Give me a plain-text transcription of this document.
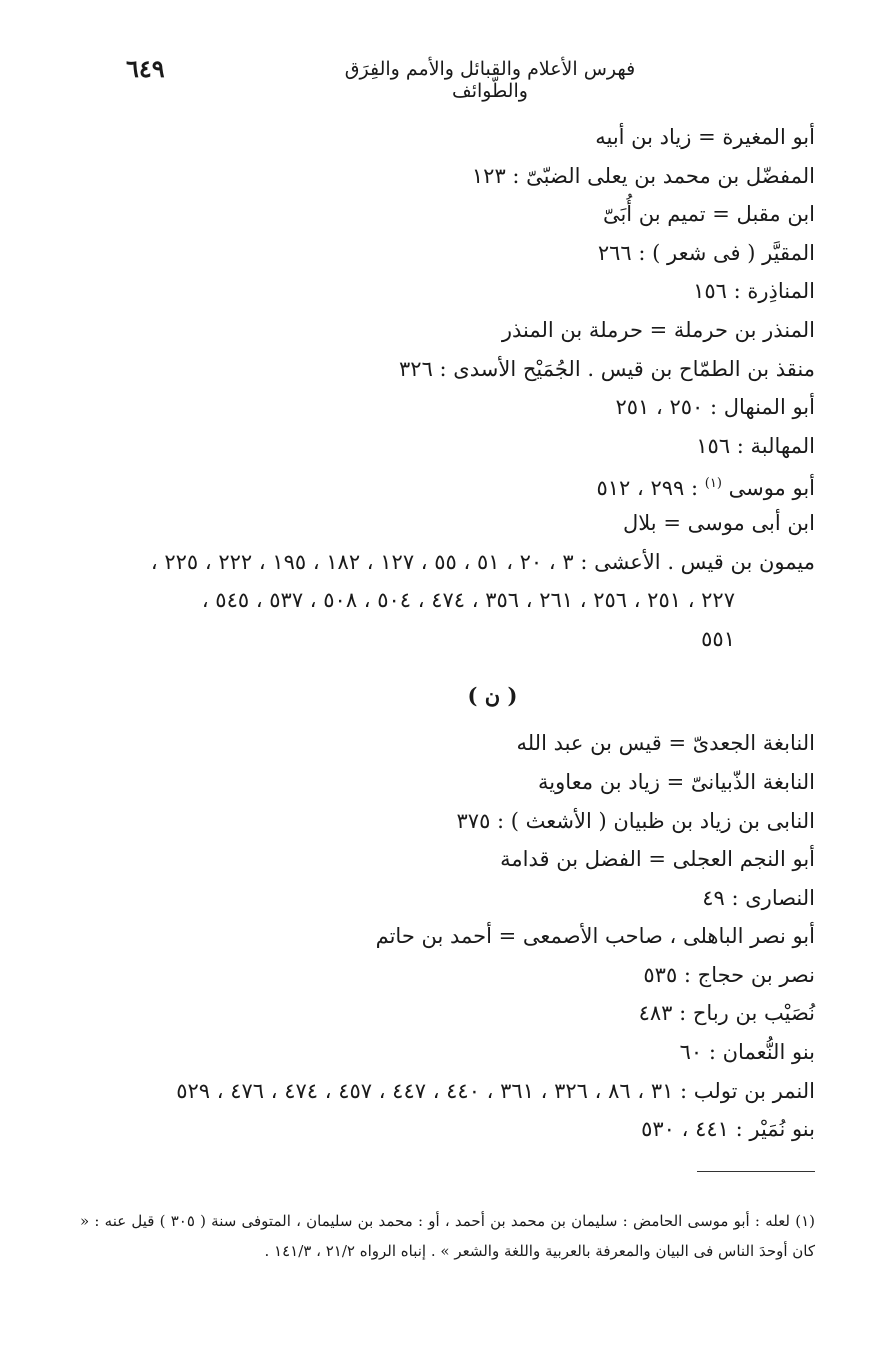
٦٤٩	فهرس الأعلام والقبائل والأمم والفِرَق والطّوائف
أبو المغيرة = زياد بن أبيه
المفضّل بن محمد بن يعلى الضبّىّ : ١٢٣
ابن مقبل = تميم بن أُبَىّ
المقيَّر ( فى شعر ) : ٢٦٦
المناذِرة : ١٥٦
المنذر بن حرملة = حرملة بن المنذر
منقذ بن الطمّاح بن قيس . الجُمَيْح الأسدى : ٣٢٦
أبو المنهال : ٢٥٠ ، ٢٥١
المهالبة : ١٥٦
أبو موسى $^{(١)}$ : ٢٩٩ ، ٥١٢
ابن أبى موسى = بلال
ميمون بن قيس . الأعشى : ٣ ، ٢٠ ، ٥١ ، ٥٥ ، ١٢٧ ، ١٨٢ ، ١٩٥ ، ٢٢٢ ، ٢٢٥ ،
٢٢٧ ، ٢٥١ ، ٢٥٦ ، ٢٦١ ، ٣٥٦ ، ٤٧٤ ، ٥٠٤ ، ٥٠٨ ، ٥٣٧ ، ٥٤٥ ،
٥٥١
( ن )
النابغة الجعدىّ = قيس بن عبد الله
النابغة الذّبيانىّ = زياد بن معاوية
النابى بن زياد بن ظبيان ( الأشعث ) : ٣٧٥
أبو النجم العجلى = الفضل بن قدامة
النصارى : ٤٩
أبو نصر الباهلى ، صاحب الأصمعى = أحمد بن حاتم
نصر بن حجاج : ٥٣٥
نُصَيْب بن رباح : ٤٨٣
بنو النُّعمان : ٦٠
النمر بن تولب : ٣١ ، ٨٦ ، ٣٢٦ ، ٣٦١ ، ٤٤٠ ، ٤٤٧ ، ٤٥٧ ، ٤٧٤ ، ٤٧٦ ، ٥٢٩
بنو نُمَيْر : ٤٤١ ، ٥٣٠
(١) لعله : أبو موسى الحامض : سليمان بن محمد بن أحمد ، أو : محمد بن سليمان ، المتوفى سنة ( ٣٠٥ ) قيل عنه : « كان أوحدَ الناس فى البيان والمعرفة بالعربية واللغة والشعر » . إنباه الرواه ٢١/٢ ، ١٤١/٣ .
